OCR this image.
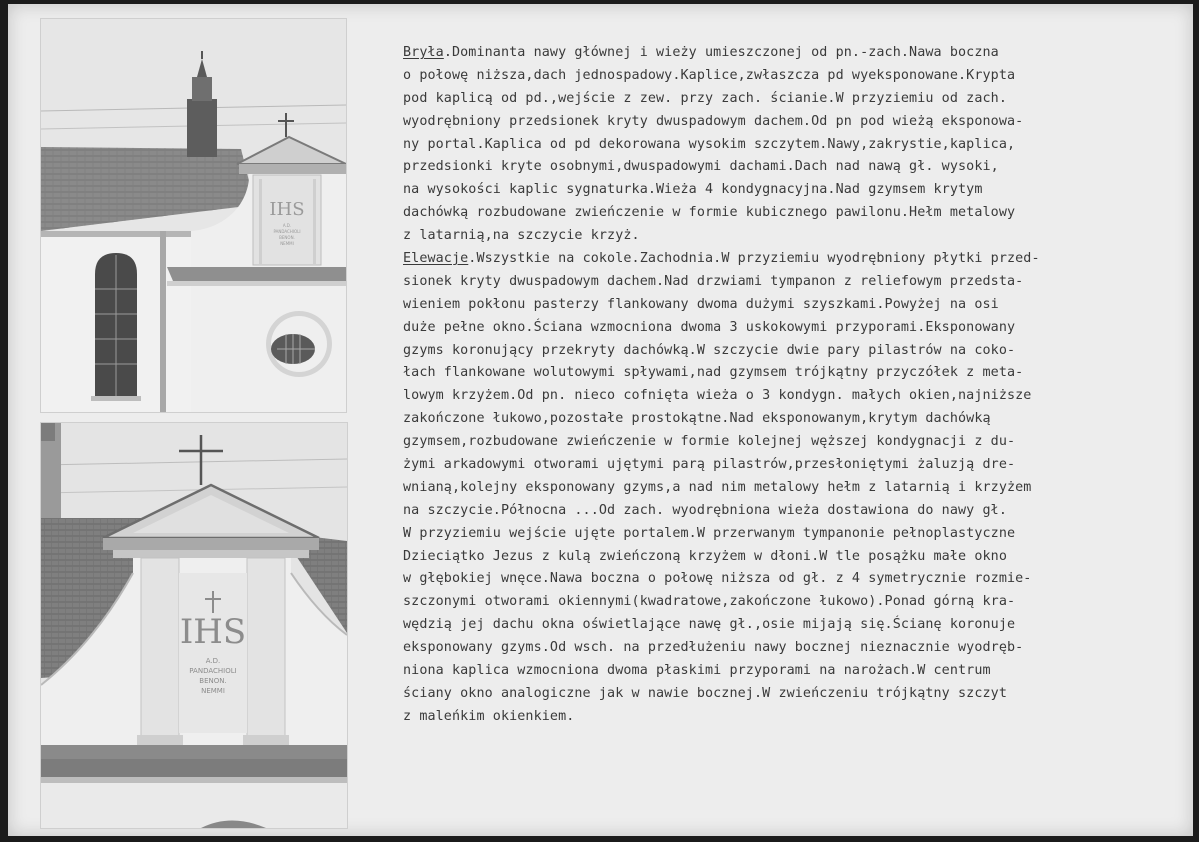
IHS
A.D.
PANDACHIOLI
BENON.
NEMMI
IHS
A.D.
PANDACHIOLI
BENON.
NEMMI
Bryła.Dominanta nawy głównej i wieży umieszczonej od pn.-zach.Nawa boczna
o połowę niższa,dach jednospadowy.Kaplice,zwłaszcza pd wyeksponowane.Krypta
pod kaplicą od pd.,wejście z zew. przy zach. ścianie.W przyziemiu od zach.
wyodrębniony przedsionek kryty dwuspadowym dachem.Od pn pod wieżą eksponowa-
ny portal.Kaplica od pd dekorowana wysokim szczytem.Nawy,zakrystie,kaplica,
przedsionki kryte osobnymi,dwuspadowymi dachami.Dach nad nawą gł. wysoki,
na wysokości kaplic sygnaturka.Wieża 4 kondygnacyjna.Nad gzymsem krytym
dachówką rozbudowane zwieńczenie w formie kubicznego pawilonu.Hełm metalowy
z latarnią,na szczycie krzyż.
Elewacje.Wszystkie na cokole.Zachodnia.W przyziemiu wyodrębniony płytki przed-
sionek kryty dwuspadowym dachem.Nad drzwiami tympanon z reliefowym przedsta-
wieniem pokłonu pasterzy flankowany dwoma dużymi szyszkami.Powyżej na osi
duże pełne okno.Ściana wzmocniona dwoma 3 uskokowymi przyporami.Eksponowany
gzyms koronujący przekryty dachówką.W szczycie dwie pary pilastrów na coko-
łach flankowane wolutowymi spływami,nad gzymsem trójkątny przyczółek z meta-
lowym krzyżem.Od pn. nieco cofnięta wieża o 3 kondygn. małych okien,najniższe
zakończone łukowo,pozostałe prostokątne.Nad eksponowanym,krytym dachówką
gzymsem,rozbudowane zwieńczenie w formie kolejnej węższej kondygnacji z du-
żymi arkadowymi otworami ujętymi parą pilastrów,przesłoniętymi żaluzją dre-
wnianą,kolejny eksponowany gzyms,a nad nim metalowy hełm z latarnią i krzyżem
na szczycie.Północna ...Od zach. wyodrębniona wieża dostawiona do nawy gł.
W przyziemiu wejście ujęte portalem.W przerwanym tympanonie pełnoplastyczne
Dzieciątko Jezus z kulą zwieńczoną krzyżem w dłoni.W tle posążku małe okno
w głębokiej wnęce.Nawa boczna o połowę niższa od gł. z 4 symetrycznie rozmie-
szczonymi otworami okiennymi(kwadratowe,zakończone łukowo).Ponad górną kra-
wędzią jej dachu okna oświetlające nawę gł.,osie mijają się.Ścianę koronuje
eksponowany gzyms.Od wsch. na przedłużeniu nawy bocznej nieznacznie wyodręb-
niona kaplica wzmocniona dwoma płaskimi przyporami na narożach.W centrum
ściany okno analogiczne jak w nawie bocznej.W zwieńczeniu trójkątny szczyt
z maleńkim okienkiem.
